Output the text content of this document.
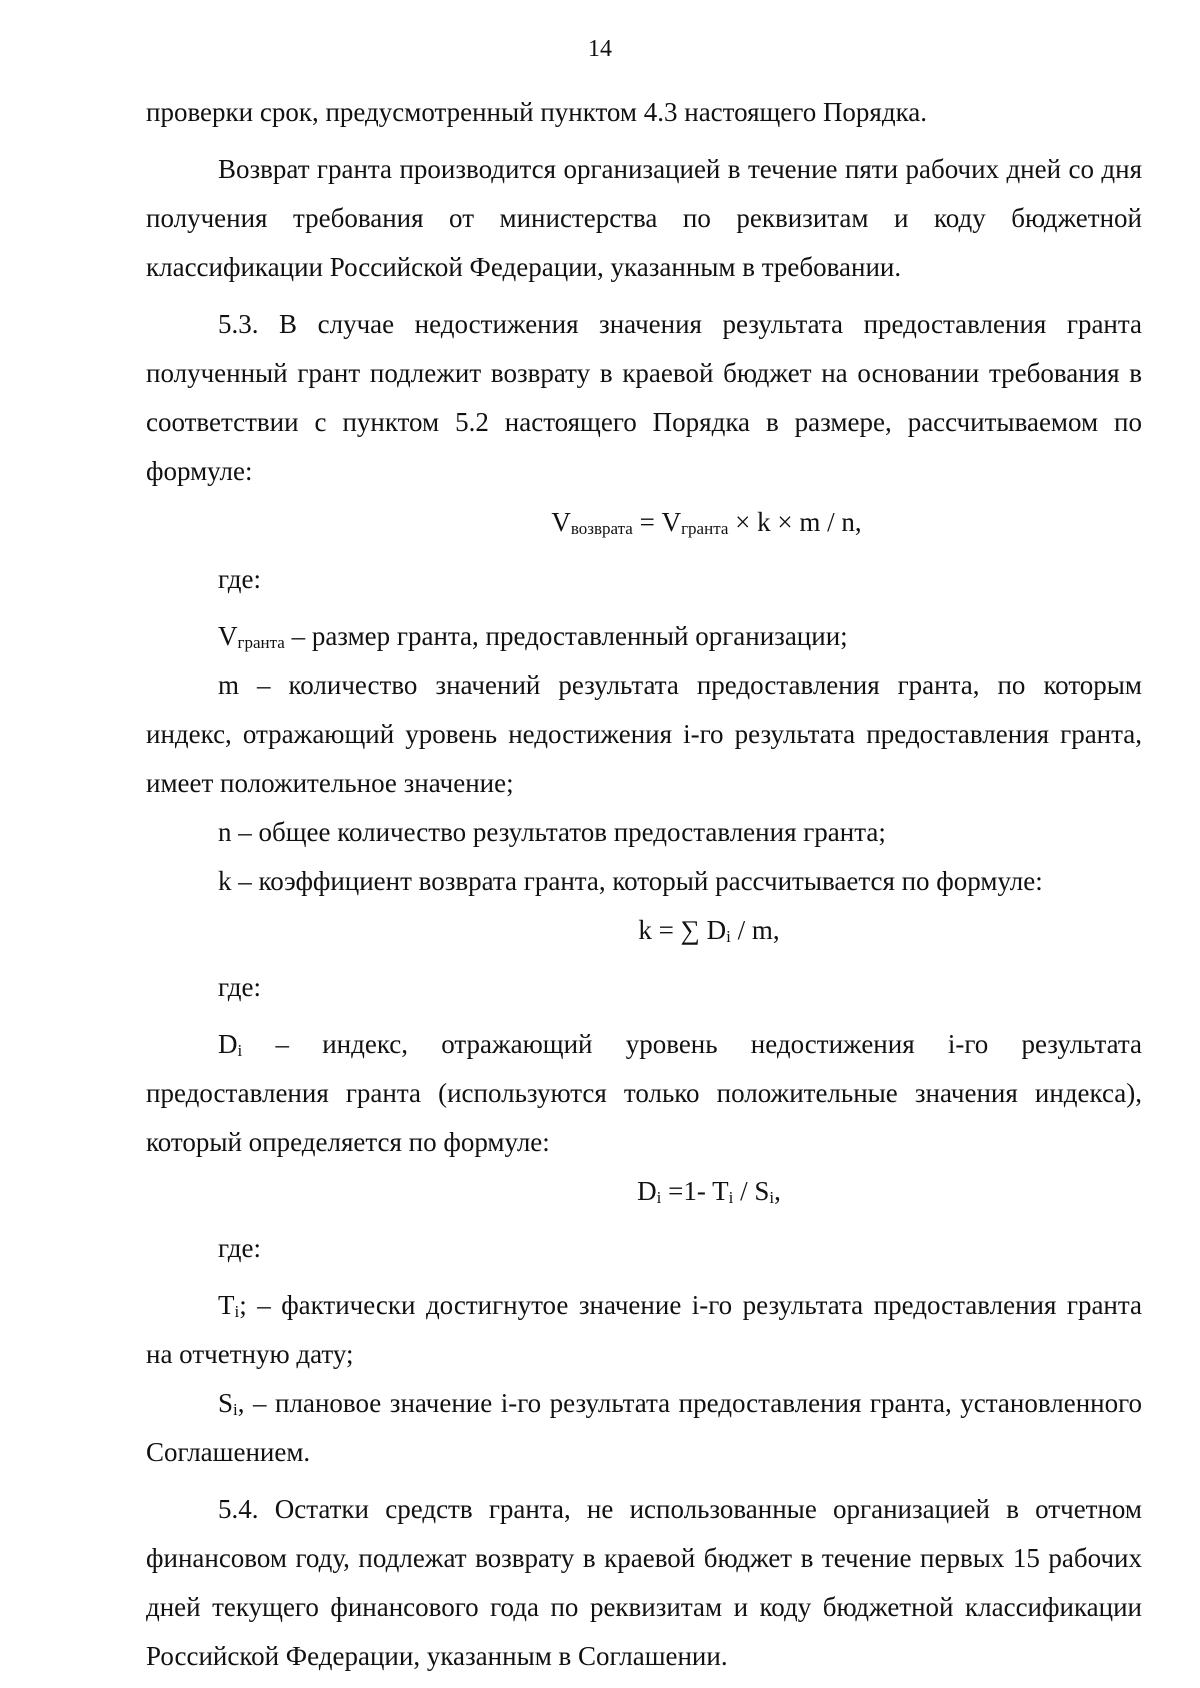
14

проверки срок, предусмотренный пунктом 4.3 настоящего Порядка.

Возврат гранта производится организацией в течение пяти рабочих дней со дня получения требования от министерства по реквизитам и коду бюджетной классификации Российской Федерации, указанным в требовании.

5.3. В случае недостижения значения результата предоставления гранта полученный грант подлежит возврату в краевой бюджет на основании требования в соответствии с пунктом 5.2 настоящего Порядка в размере, рассчитываемом по формуле:

$V_{возврата} = V_{гранта} \times k \times m / n$,

где:

$V_{гранта}$ – размер гранта, предоставленный организации;

m – количество значений результата предоставления гранта, по которым индекс, отражающий уровень недостижения i-го результата предоставления гранта, имеет положительное значение;

n – общее количество результатов предоставления гранта;

k – коэффициент возврата гранта, который рассчитывается по формуле:

k = ∑ $D_i$ / m,

где:

$D_i$ – индекс, отражающий уровень недостижения i-го результата предоставления гранта (используются только положительные значения индекса), который определяется по формуле:

$D_i =1-$ $T_i / S_i$,

где:

$T_i$; – фактически достигнутое значение i-го результата предоставления гранта на отчетную дату;

$S_i$, – плановое значение i-го результата предоставления гранта, установленного Соглашением.

5.4. Остатки средств гранта, не использованные организацией в отчетном финансовом году, подлежат возврату в краевой бюджет в течение первых 15 рабочих дней текущего финансового года по реквизитам и коду бюджетной классификации Российской Федерации, указанным в Соглашении.
